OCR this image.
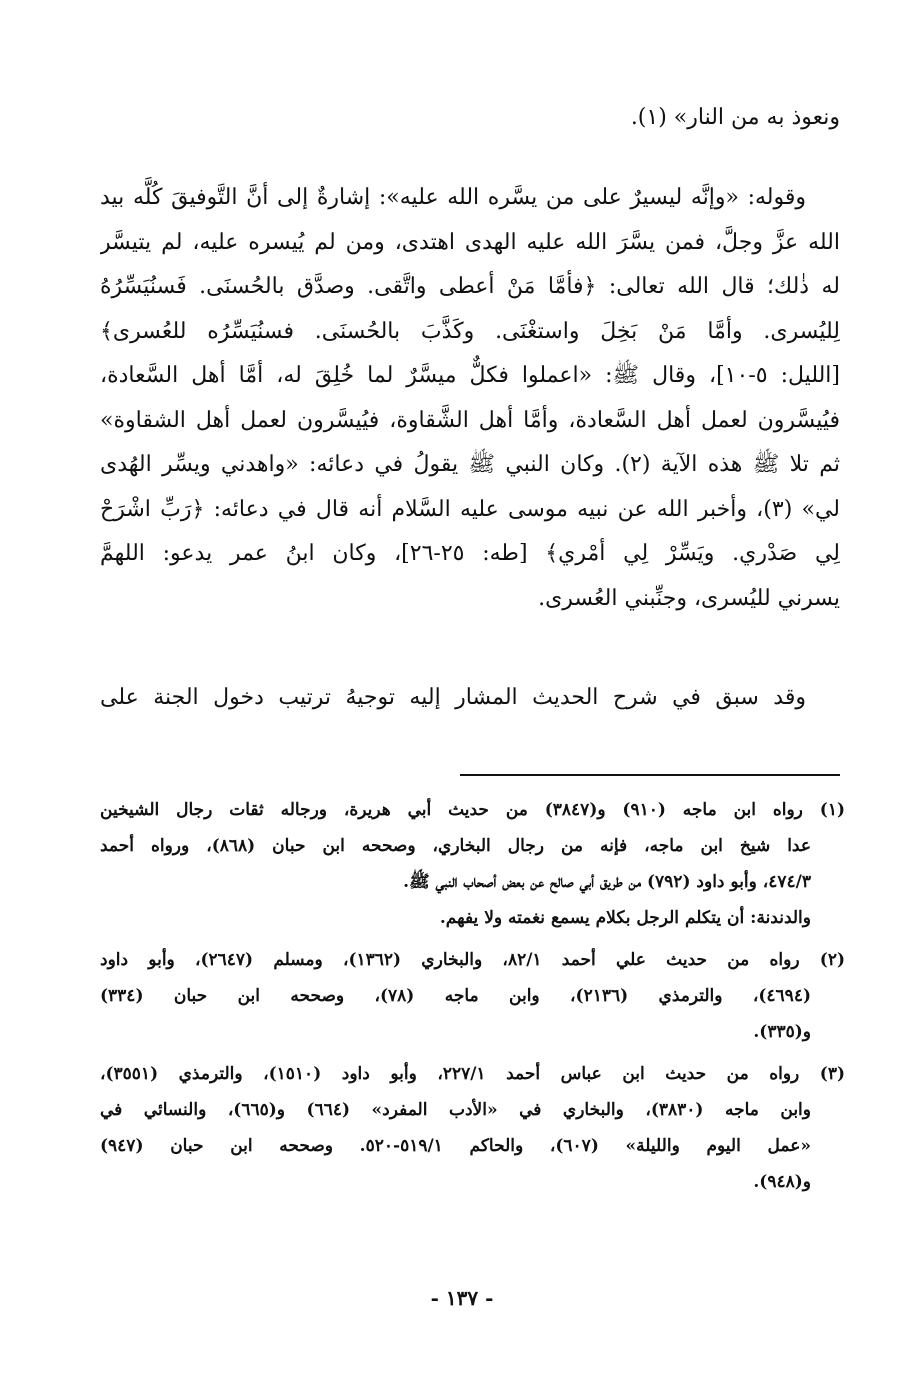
ونعوذ به من النار» (١).
وقوله: «وإنَّه ليسيرٌ على من يسَّره الله عليه»: إشارةٌ إلى أنَّ التَّوفيقَ كُلَّه بيد
الله عزَّ وجلَّ، فمن يسَّرَ الله عليه الهدى اهتدى، ومن لم يُيسره عليه، لم يتيسَّر
له ذٰلك؛ قال الله تعالى: ﴿فأمَّا مَنْ أعطى واتَّقى. وصدَّق بالحُسنَى. فَسنُيَسِّرُهُ
لِليُسرى. وأمَّا مَنْ بَخِلَ واستغْنَى. وكَذَّبَ بالحُسنَى. فسنُيَسِّرُه للعُسرى﴾
[الليل: ٥-١٠]، وقال ﷺ: «اعملوا فكلٌّ ميسَّرٌ لما خُلِقَ له، أمَّا أهل السَّعادة،
فيُيسَّرون لعمل أهل السَّعادة، وأمَّا أهل الشَّقاوة، فيُيسَّرون لعمل أهل الشقاوة»
ثم تلا ﷺ هذه الآية (٢). وكان النبي ﷺ يقولُ في دعائه: «واهدني ويسِّر الهُدى
لي» (٣)، وأخبر الله عن نبيه موسى عليه السَّلام أنه قال في دعائه: ﴿رَبِّ اشْرَحْ
لِي صَدْري. ويَسِّرْ لِي أمْري﴾ [طه: ٢٥-٢٦]، وكان ابنُ عمر يدعو: اللهمَّ
يسرني لليُسرى، وجنِّبني العُسرى.
وقد سبق في شرح الحديث المشار إليه توجيهُ ترتيب دخول الجنة على
(١) رواه ابن ماجه (٩١٠) و(٣٨٤٧) من حديث أبي هريرة، ورجاله ثقات رجال الشيخين
عدا شيخ ابن ماجه، فإنه من رجال البخاري، وصححه ابن حبان (٨٦٨)، ورواه أحمد
٤٧٤/٣، وأبو داود (٧٩٢) من طريق أبي صالح عن بعض أصحاب النبي ﷺ.
والدندنة: أن يتكلم الرجل بكلام يسمع نغمته ولا يفهم.
(٢) رواه من حديث علي أحمد ٨٢/١، والبخاري (١٣٦٢)، ومسلم (٢٦٤٧)، وأبو داود
(٤٦٩٤)، والترمذي (٢١٣٦)، وابن ماجه (٧٨)، وصححه ابن حبان (٣٣٤)
و(٣٣٥).
(٣) رواه من حديث ابن عباس أحمد ٢٢٧/١، وأبو داود (١٥١٠)، والترمذي (٣٥٥١)،
وابن ماجه (٣٨٣٠)، والبخاري في «الأدب المفرد» (٦٦٤) و(٦٦٥)، والنسائي في
«عمل اليوم والليلة» (٦٠٧)، والحاكم ٥١٩/١-٥٢٠. وصححه ابن حبان (٩٤٧)
و(٩٤٨).
- ١٣٧ -
